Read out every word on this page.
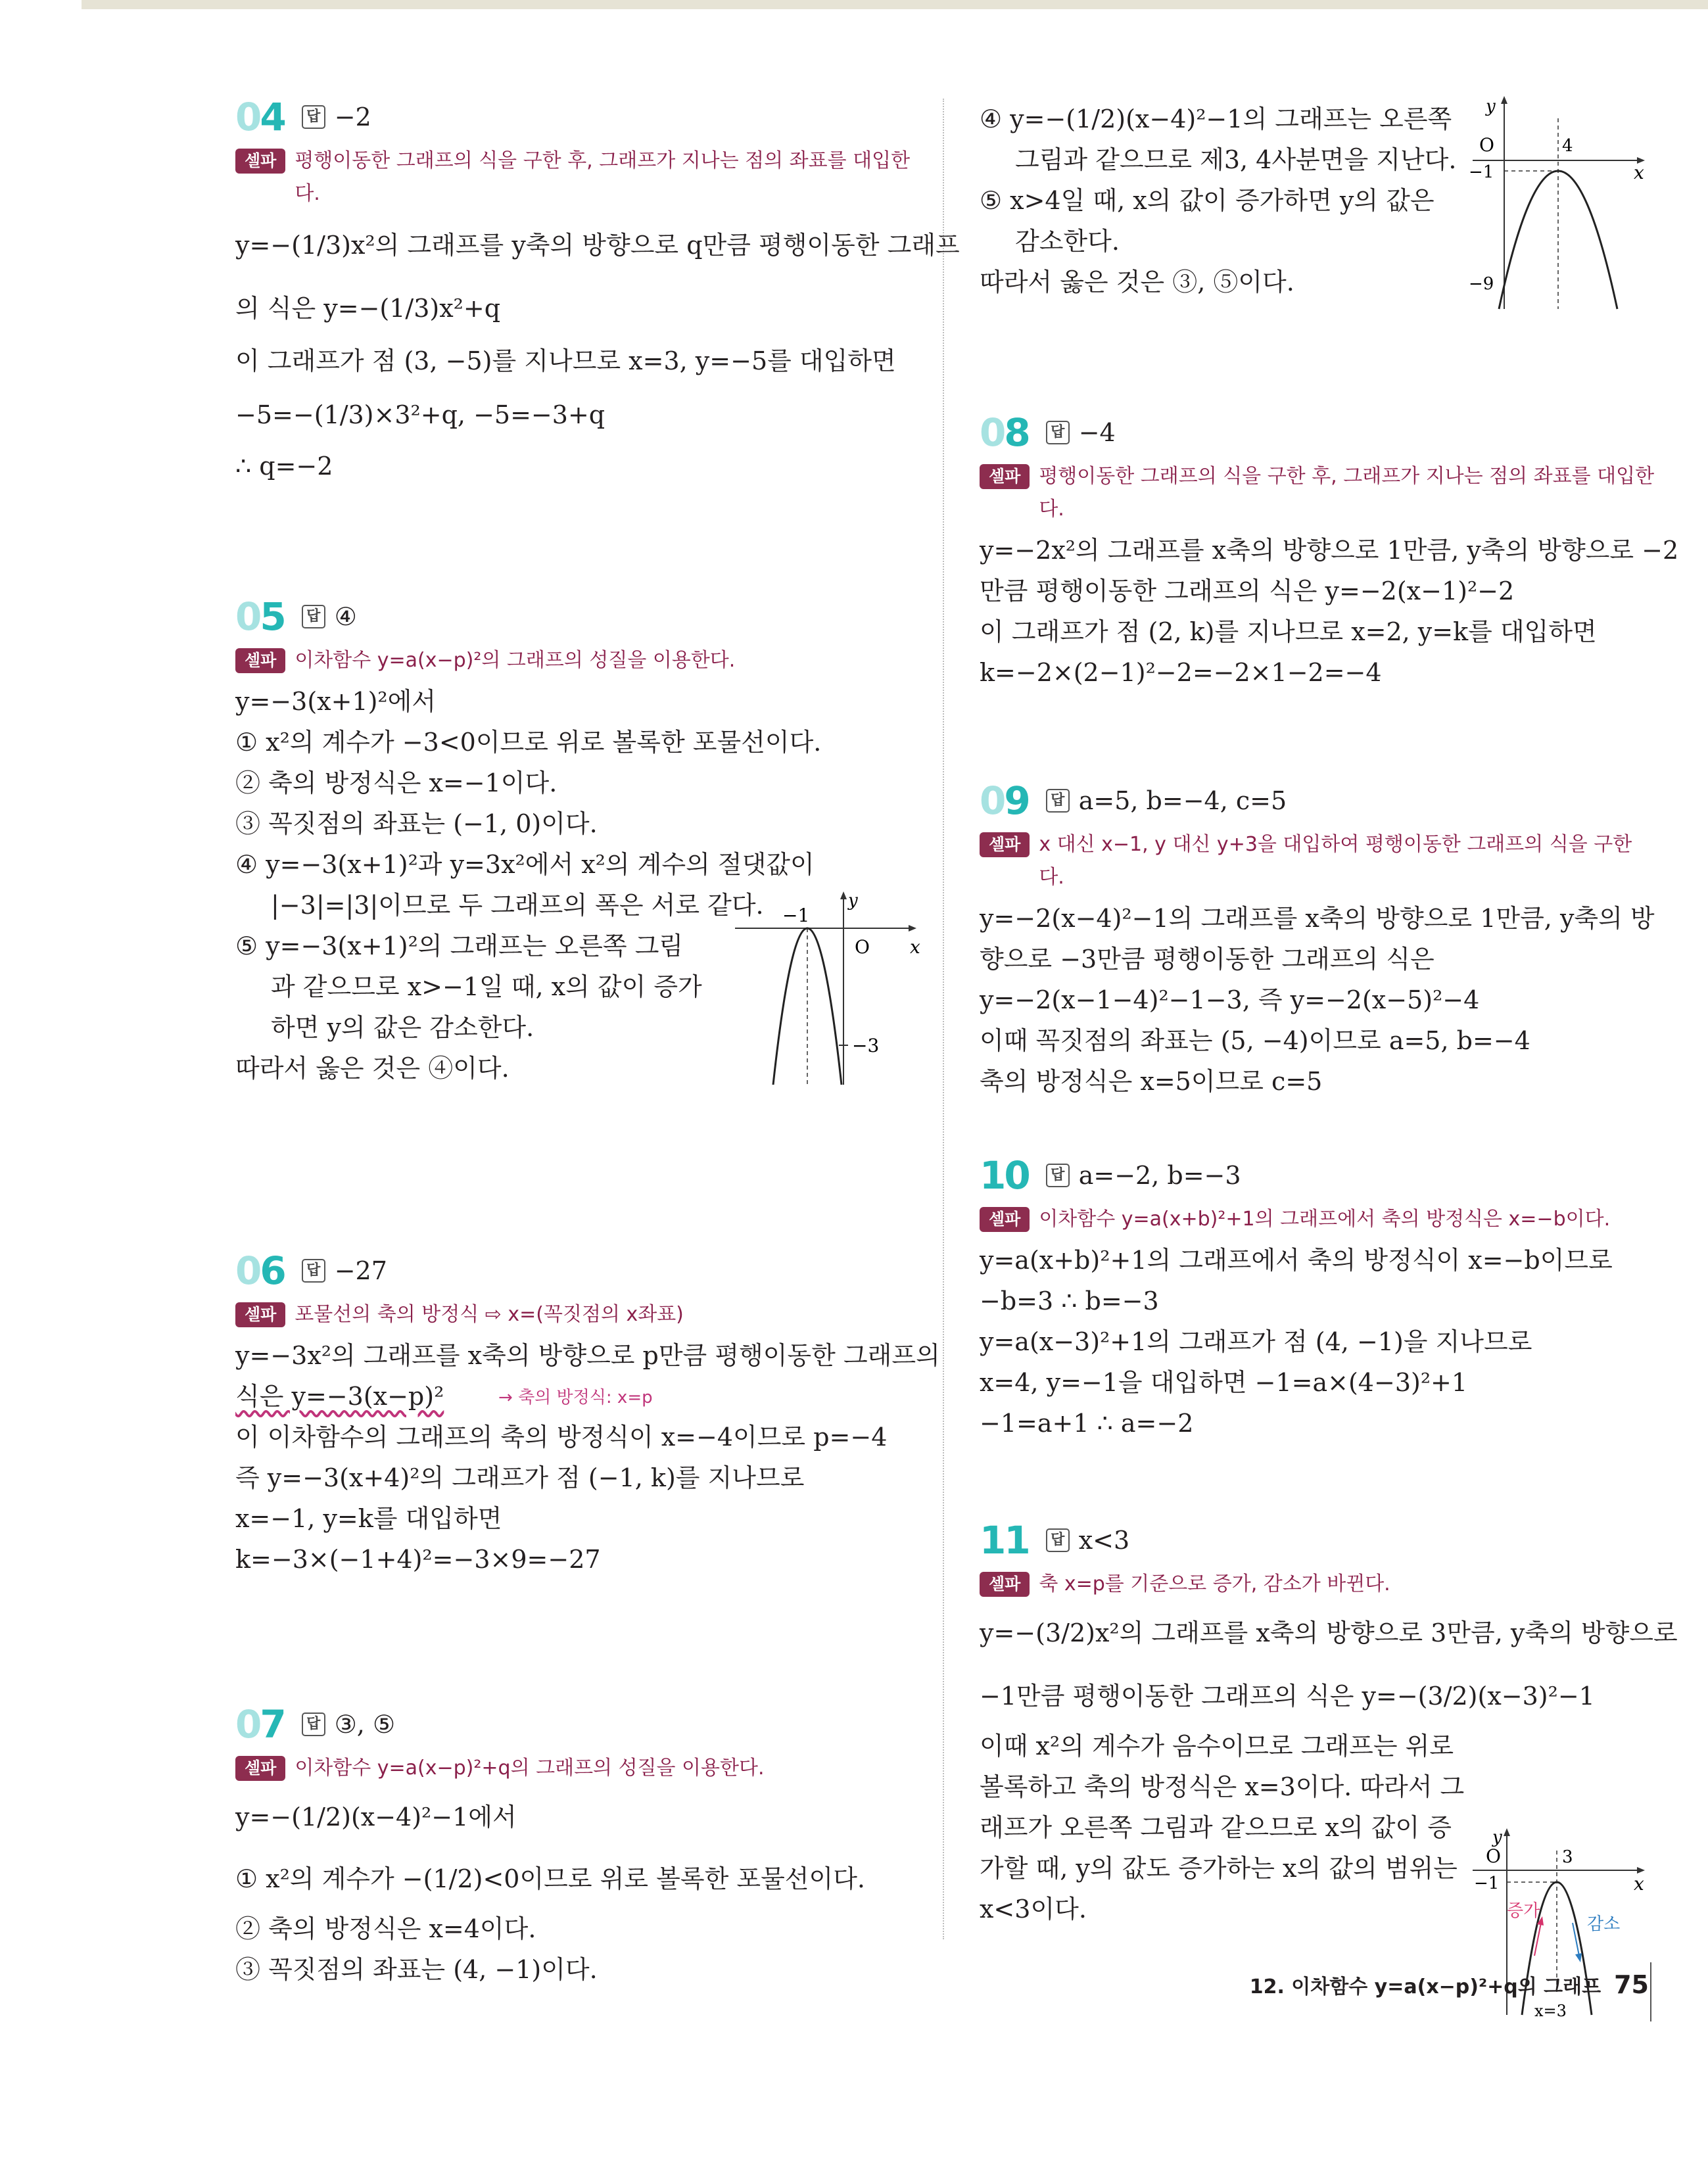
04	답 −2
셀파 평행이동한 그래프의 식을 구한 후, 그래프가 지나는 점의 좌표를 대입한다.
y=−(1/3)x²의 그래프를 y축의 방향으로 q만큼 평행이동한 그래프
의 식은 y=−(1/3)x²+q
이 그래프가 점 (3, −5)를 지나므로 x=3, y=−5를 대입하면
−5=−(1/3)×3²+q, −5=−3+q
∴ q=−2
05	답 ④
셀파 이차함수 y=a(x−p)²의 그래프의 성질을 이용한다.
y=−3(x+1)²에서
① x²의 계수가 −3<0이므로 위로 볼록한 포물선이다.
② 축의 방정식은 x=−1이다.
③ 꼭짓점의 좌표는 (−1, 0)이다.
④ y=−3(x+1)²과 y=3x²에서 x²의 계수의 절댓값이
|−3|=|3|이므로 두 그래프의 폭은 서로 같다.
⑤ y=−3(x+1)²의 그래프는 오른쪽 그림
과 같으므로 x>−1일 때, x의 값이 증가
하면 y의 값은 감소한다.
따라서 옳은 것은 ④이다.
y
x
O
−1
−3
06	답 −27
셀파 포물선의 축의 방정식 ⇨ x=(꼭짓점의 x좌표)
y=−3x²의 그래프를 x축의 방향으로 p만큼 평행이동한 그래프의
식은 y=−3(x−p)²	→ 축의 방정식: x=p
이 이차함수의 그래프의 축의 방정식이 x=−4이므로 p=−4
즉 y=−3(x+4)²의 그래프가 점 (−1, k)를 지나므로
x=−1, y=k를 대입하면
k=−3×(−1+4)²=−3×9=−27
07	답 ③, ⑤
셀파 이차함수 y=a(x−p)²+q의 그래프의 성질을 이용한다.
y=−(1/2)(x−4)²−1에서
① x²의 계수가 −(1/2)<0이므로 위로 볼록한 포물선이다.
② 축의 방정식은 x=4이다.
③ 꼭짓점의 좌표는 (4, −1)이다.
④ y=−(1/2)(x−4)²−1의 그래프는 오른쪽
그림과 같으므로 제3, 4사분면을 지난다.
⑤ x>4일 때, x의 값이 증가하면 y의 값은
감소한다.
따라서 옳은 것은 ③, ⑤이다.
y
x
O	4
−1
−9
08	답 −4
셀파 평행이동한 그래프의 식을 구한 후, 그래프가 지나는 점의 좌표를 대입한다.
y=−2x²의 그래프를 x축의 방향으로 1만큼, y축의 방향으로 −2
만큼 평행이동한 그래프의 식은 y=−2(x−1)²−2
이 그래프가 점 (2, k)를 지나므로 x=2, y=k를 대입하면
k=−2×(2−1)²−2=−2×1−2=−4
09	답 a=5, b=−4, c=5
셀파 x 대신 x−1, y 대신 y+3을 대입하여 평행이동한 그래프의 식을 구한다.
y=−2(x−4)²−1의 그래프를 x축의 방향으로 1만큼, y축의 방
향으로 −3만큼 평행이동한 그래프의 식은
y=−2(x−1−4)²−1−3, 즉 y=−2(x−5)²−4
이때 꼭짓점의 좌표는 (5, −4)이므로 a=5, b=−4
축의 방정식은 x=5이므로 c=5
10	답 a=−2, b=−3
셀파 이차함수 y=a(x+b)²+1의 그래프에서 축의 방정식은 x=−b이다.
y=a(x+b)²+1의 그래프에서 축의 방정식이 x=−b이므로
−b=3 ∴ b=−3
y=a(x−3)²+1의 그래프가 점 (4, −1)을 지나므로
x=4, y=−1을 대입하면 −1=a×(4−3)²+1
−1=a+1 ∴ a=−2
11	답 x<3
셀파 축 x=p를 기준으로 증가, 감소가 바뀐다.
y=−(3/2)x²의 그래프를 x축의 방향으로 3만큼, y축의 방향으로
−1만큼 평행이동한 그래프의 식은 y=−(3/2)(x−3)²−1
이때 x²의 계수가 음수이므로 그래프는 위로
볼록하고 축의 방정식은 x=3이다. 따라서 그
래프가 오른쪽 그림과 같으므로 x의 값이 증
가할 때, y의 값도 증가하는 x의 값의 범위는
x<3이다.
y
x
O	3
−1
증가
감소
x=3
12. 이차함수 y=a(x−p)²+q의 그래프 75
